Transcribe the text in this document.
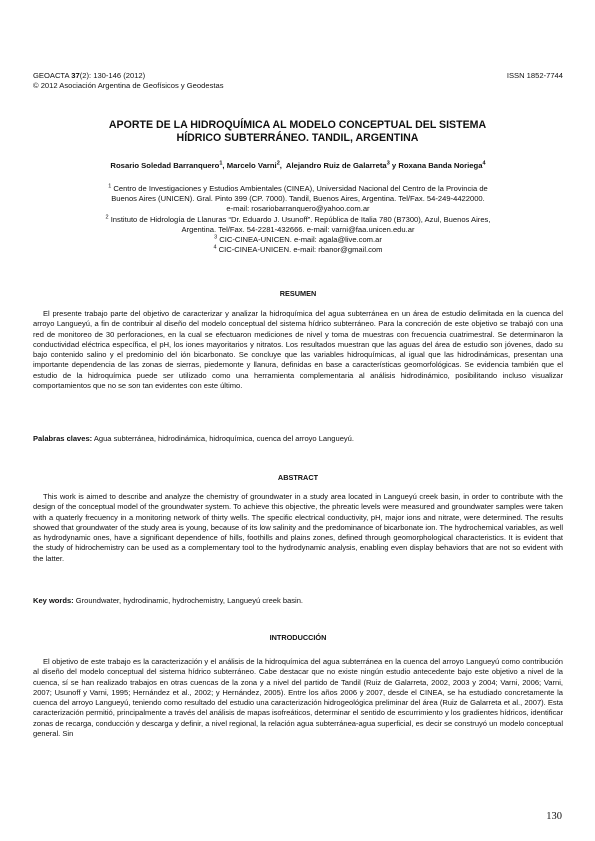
GEOACTA 37(2): 130-146 (2012)
© 2012 Asociación Argentina de Geofísicos y Geodestas
ISSN 1852-7744
APORTE DE LA HIDROQUÍMICA AL MODELO CONCEPTUAL DEL SISTEMA
HÍDRICO SUBTERRÁNEO. TANDIL, ARGENTINA
Rosario Soledad Barranquero$^1$, Marcelo Varni$^2$,  Alejandro Ruiz de Galarreta$^3$ y Roxana Banda Noriega$^4$
$^1$ Centro de Investigaciones y Estudios Ambientales (CINEA), Universidad Nacional del Centro de la Provincia de
Buenos Aires (UNICEN). Gral. Pinto 399 (CP. 7000). Tandil, Buenos Aires, Argentina. Tel/Fax. 54-249-4422000.
e-mail: rosariobarranquero@yahoo.com.ar
$^2$ Instituto de Hidrología de Llanuras “Dr. Eduardo J. Usunoff”. República de Italia 780 (B7300), Azul, Buenos Aires,
Argentina. Tel/Fax. 54-2281-432666. e-mail: varni@faa.unicen.edu.ar
$^3$ CIC-CINEA-UNICEN. e-mail: agala@live.com.ar
$^4$ CIC-CINEA-UNICEN. e-mail: rbanor@gmail.com
RESUMEN

El presente trabajo parte del objetivo de caracterizar y analizar la hidroquímica del agua subterránea en un área de estudio delimitada en la cuenca del arroyo Langueyú, a fin de contribuir al diseño del modelo conceptual del sistema hídrico subterráneo. Para la concreción de este objetivo se trabajó con una red de monitoreo de 30 perforaciones, en la cual se efectuaron mediciones de nivel y toma de muestras con frecuencia cuatrimestral. Se determinaron la conductividad eléctrica específica, el pH, los iones mayoritarios y nitratos. Los resultados muestran que las aguas del área de estudio son jóvenes, dado su bajo contenido salino y el predominio del ión bicarbonato. Se concluye que las variables hidroquímicas, al igual que las hidrodinámicas, presentan una importante dependencia de las zonas de sierras, piedemonte y llanura, definidas en base a características geomorfológicas. Se evidencia también que el estudio de la hidroquímica puede ser utilizado como una herramienta complementaria al análisis hidrodinámico, posibilitando incluso visualizar comportamientos que no se son tan evidentes con este último.

Palabras claves: Agua subterránea, hidrodinámica, hidroquímica, cuenca del arroyo Langueyú.
ABSTRACT

This work is aimed to describe and analyze the chemistry of groundwater in a study area located in Langueyú creek basin, in order to contribute with the design of the conceptual model of the groundwater system. To achieve this objective, the phreatic levels were measured and groundwater samples were taken with a quaterly frecuency in a monitoring network of thirty wells. The specific electrical conductivity, pH, major ions and nitrate, were determined. The results showed that groundwater of the study area is young, because of its low salinity and the predominance of bicarbonate ion. The hydrochemical variables, as well as hydrodynamic ones, have a significant dependence of hills, foothills and plains zones, defined through geomorphological characteristics. It is evident that the study of hidrochemistry can be used as a complementary tool to the hydrodynamic analysis, enabling even display behaviors that are not so evident with the latter.

Key words: Groundwater, hydrodinamic, hydrochemistry, Langueyú creek basin.
INTRODUCCIÓN

El objetivo de este trabajo es la caracterización y el análisis de la hidroquímica del agua subterránea en la cuenca del arroyo Langueyú como contribución al diseño del modelo conceptual del sistema hídrico subterráneo. Cabe destacar que no existe ningún estudio antecedente bajo este objetivo a nivel de la cuenca, sí se han realizado trabajos en otras cuencas de la zona y a nivel del partido de Tandil (Ruiz de Galarreta, 2002, 2003 y 2004; Varni, 2006; Varni, 2007; Usunoff y Varni, 1995; Hernández et al., 2002; y Hernández, 2005). Entre los años 2006 y 2007, desde el CINEA, se ha estudiado concretamente la cuenca del arroyo Langueyú, teniendo como resultado del estudio una caracterización hidrogeológica preliminar del área (Ruiz de Galarreta et al., 2007). Esta caracterización permitió, principalmente a través del análisis de mapas isofreáticos, determinar el sentido de escurrimiento y los gradientes hídricos, identificar zonas de recarga, conducción y descarga y definir, a nivel regional, la relación agua subterránea-agua superficial, es decir se construyó un modelo conceptual general. Sin

130
